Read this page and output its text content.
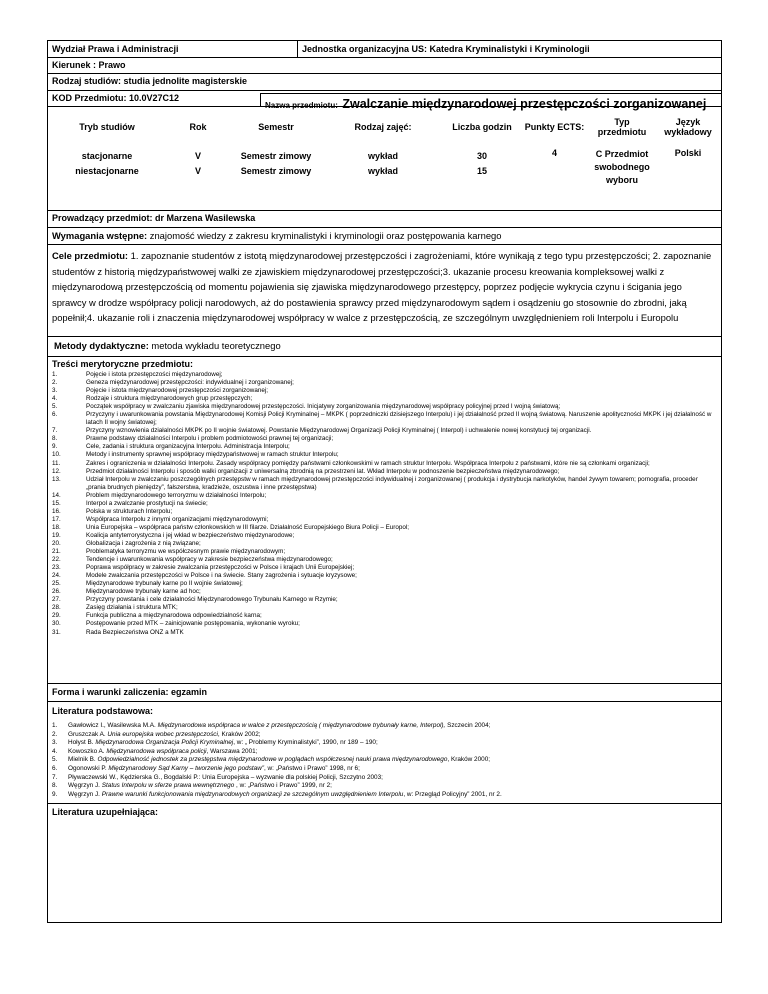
Wydział Prawa i Administracji	Jednostka organizacyjna US: Katedra Kryminalistyki i Kryminologii
Kierunek : Prawo
Rodzaj studiów: studia jednolite magisterskie
KOD Przedmiotu: 10.0V27C12
Nazwa przedmiotu: Zwalczanie międzynarodowej przestępczości zorganizowanej
Tryb studiów	Rok	Semestr	Rodzaj zajęć:	Liczba godzin	Punkty ECTS:	Typ przedmiotu	Język wykładowy
stacjonarne	V	Semestr zimowy	wykład	30	4	C Przedmiot swobodnego wyboru	Polski
niestacjonarne	V	Semestr zimowy	wykład	15			
Prowadzący przedmiot: dr Marzena Wasilewska
Wymagania wstępne: znajomość wiedzy z zakresu kryminalistyki i kryminologii oraz postępowania karnego
Cele przedmiotu: 1. zapoznanie studentów z istotą międzynarodowej przestępczości i zagrożeniami, które wynikają z tego typu przestępczości; 2. zapoznanie studentów z historią międzypaństwowej walki ze zjawiskiem międzynarodowej przestępczości;3. ukazanie procesu kreowania kompleksowej walki z międzynarodową przestępczością od momentu pojawienia się zjawiska międzynarodowego przestępcy, poprzez podjęcie wykrycia czynu i ścigania jego sprawcy w drodze współpracy policji narodowych, aż do postawienia sprawcy przed międzynarodowym sądem i osądzeniu go stosownie do zbrodni, jaką popełnił;4. ukazanie roli i znaczenia międzynarodowej współpracy w walce z przestępczością, ze szczególnym uwzględnieniem roli Interpolu i Europolu
Metody dydaktyczne: metoda wykładu teoretycznego
Treści merytoryczne przedmiotu:
1.	Pojęcie i istota przestępczości międzynarodowej;
2.	Geneza międzynarodowej przestępczości: indywidualnej i zorganizowanej;
3.	Pojęcie i istota międzynarodowej przestępczości zorganizowanej;
4.	Rodzaje i struktura międzynarodowych grup przestępczych;
5.	Początek współpracy w zwalczaniu zjawiska międzynarodowej przestępczości. Inicjatywy zorganizowania międzynarodowej współpracy policyjnej przed I wojną światową;
6.	Przyczyny i uwarunkowania powstania Międzynarodowej Komisji Policji Kryminalnej – MKPK ( poprzedniczki dzisiejszego Interpolu) i jej działalność przed II wojną światową. Naruszenie apolityczności MKPK i jej działalność w latach II wojny światowej;
7.	Przyczyny wznowienia działalności MKPK po II wojnie światowej. Powstanie Międzynarodowej Organizacji Policji Kryminalnej ( Interpol) i uchwalenie nowej konstytucji tej organizacji.
8.	Prawne podstawy działalności Interpolu i problem podmiotowości prawnej tej organizacji;
9.	Cele, zadania i struktura organizacyjna Interpolu. Administracja Interpolu;
10.	Metody i instrumenty sprawnej współpracy międzypaństwowej w ramach struktur Interpolu;
11.	Zakres i ograniczenia w działalności Interpolu. Zasady współpracy pomiędzy państwami członkowskimi w ramach struktur Interpolu. Współpraca Interpolu z państwami, które nie są członkami organizacji;
12.	Przedmiot działalności Interpolu i sposób walki organizacji z uniwersalną zbrodnią na przestrzeni lat. Wkład Interpolu w podnoszenie bezpieczeństwa międzynarodowego;
13.	Udział Interpolu w zwalczaniu poszczególnych przestępstw w ramach międzynarodowej przestępczości indywidualnej i zorganizowanej ( produkcja i dystrybucja narkotyków, handel żywym towarem; pornografia, proceder „prania brudnych pieniędzy”, fałszerstwa, kradzieże, oszustwa i inne przestępstwa)
14.	Problem międzynarodowego terroryzmu w działalności Interpolu;
15.	Interpol a zwalczanie prostytucji na świecie;
16.	Polska w strukturach Interpolu;
17.	Współpraca Interpolu z innymi organizacjami międzynarodowymi;
18.	Unia Europejska – współpraca państw członkowskich w III filarze. Działalność Europejskiego Biura Policji – Europol;
19.	Koalicja antyterrorystyczna i jej wkład w bezpieczeństwo międzynarodowe;
20.	Globalizacja i zagrożenia z nią związane;
21.	Problematyka terroryzmu we współczesnym prawie międzynarodowym;
22.	Tendencje i uwarunkowania współpracy w zakresie bezpieczeństwa międzynarodowego;
23.	Poprawa współpracy w zakresie zwalczania przestępczości w Polsce i krajach Unii Europejskiej;
24.	Modele zwalczania przestępczości w Polsce i na świecie. Stany zagrożenia i sytuacje kryzysowe;
25.	Międzynarodowe trybunały karne po II wojnie światowej;
26.	Międzynarodowe trybunały karne ad hoc;
27.	Przyczyny powstania i cele działalności Międzynarodowego Trybunału Karnego w Rzymie;
28.	Zasięg działania i struktura MTK;
29.	Funkcja publiczna a międzynarodowa odpowiedzialność karna;
30.	Postępowanie przed MTK – zainicjowanie postępowania, wykonanie wyroku;
31.	Rada Bezpieczeństwa ONZ a MTK
Forma i warunki zaliczenia: egzamin
Literatura podstawowa:
1.	Gawłowicz I., Wasilewska M.A. Międzynarodowa współpraca w walce z przestępczością ( międzynarodowe trybunały karne, Interpol), Szczecin 2004;
2.	Gruszczak A. Unia europejska wobec przestępczości, Kraków 2002;
3.	Hołyst B. Międzynarodowa Organizacja Policji Kryminalnej, w: „ Problemy Kryminalistyki”, 1990, nr 189 – 190;
4.	Kowoszko A. Międzynarodowa współpraca policji, Warszawa 2001;
5.	Mielnik B. Odpowiedzialność jednostek za przestępstwa międzynarodowe w poglądach współczesnej nauki prawa międzynarodowego, Kraków 2000;
6.	Ogonowski P. Międzynarodowy Sąd Karny – tworzenie jego podstaw”, w: „Państwo i Prawo” 1998, nr 6;
7.	Pływaczewski W., Kędzierska G., Bogdalski P.: Unia Europejska – wyzwanie dla polskiej Policji, Szczytno 2003;
8.	Węgrzyn J. Status Interpolu w sferze prawa wewnętrznego , w: „Państwo i Prawo” 1999, nr 2;
9.	Węgrzyn J. Prawne warunki funkcjonowania międzynarodowych organizacji ze szczególnym uwzględnieniem Interpolu, w: Przegląd Policyjny” 2001, nr 2.
Literatura uzupełniająca:
